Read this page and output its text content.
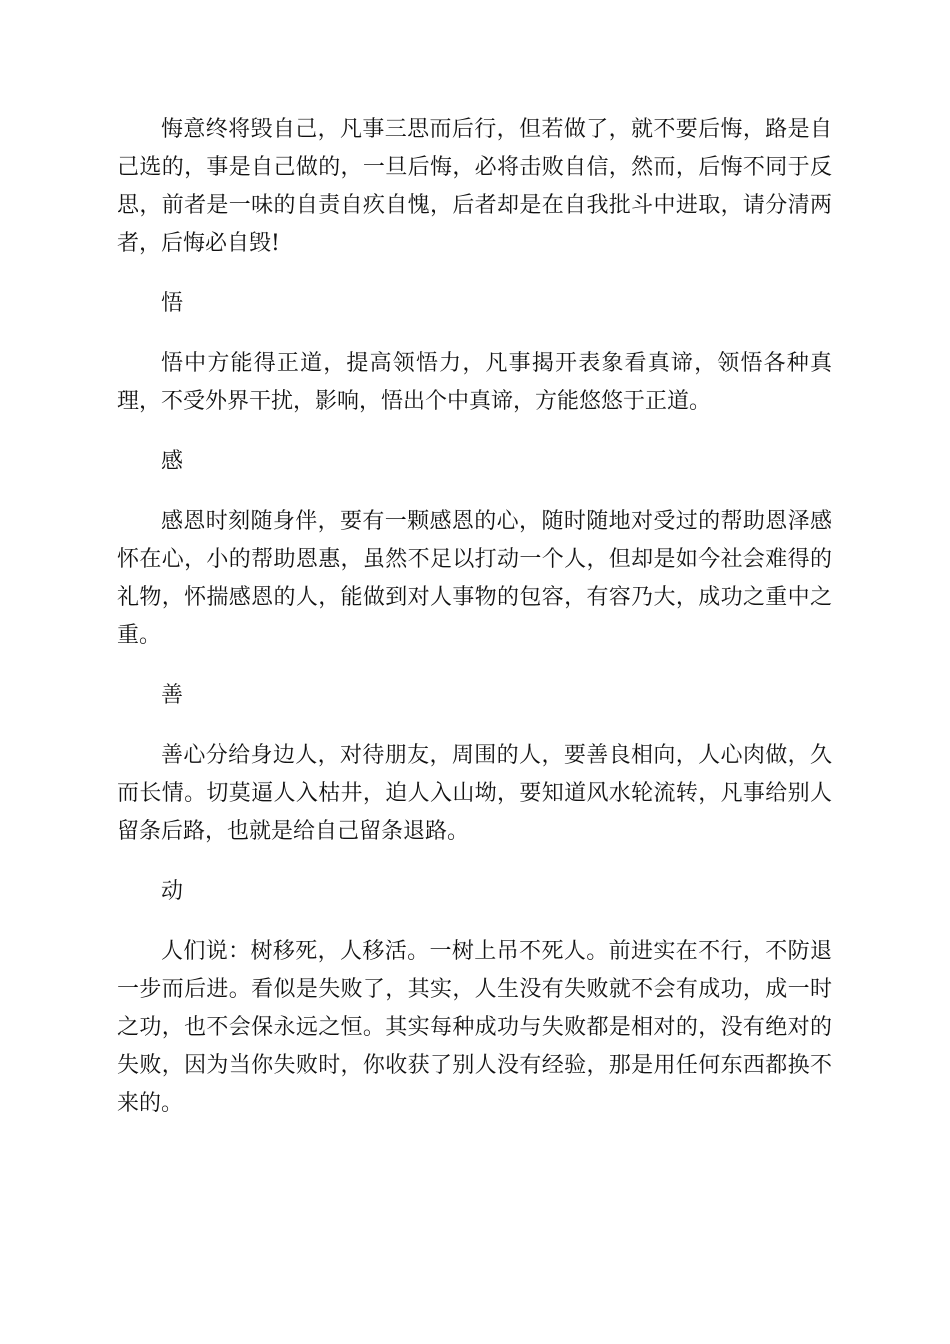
悔意终将毁自己，凡事三思而后行，但若做了，就不要后悔，路是自己选的，事是自己做的，一旦后悔，必将击败自信，然而，后悔不同于反思，前者是一味的自责自疚自愧，后者却是在自我批斗中进取，请分清两者，后悔必自毁!

悟

悟中方能得正道，提高领悟力，凡事揭开表象看真谛，领悟各种真理，不受外界干扰，影响，悟出个中真谛，方能悠悠于正道。

感

感恩时刻随身伴，要有一颗感恩的心，随时随地对受过的帮助恩泽感怀在心，小的帮助恩惠，虽然不足以打动一个人，但却是如今社会难得的礼物，怀揣感恩的人，能做到对人事物的包容，有容乃大，成功之重中之重。

善

善心分给身边人，对待朋友，周围的人，要善良相向，人心肉做，久而长情。切莫逼人入枯井，迫人入山坳，要知道风水轮流转，凡事给别人留条后路，也就是给自己留条退路。

动

人们说：树移死，人移活。一树上吊不死人。前进实在不行，不防退一步而后进。看似是失败了，其实，人生没有失败就不会有成功，成一时之功，也不会保永远之恒。其实每种成功与失败都是相对的，没有绝对的失败，因为当你失败时，你收获了别人没有经验，那是用任何东西都换不来的。
